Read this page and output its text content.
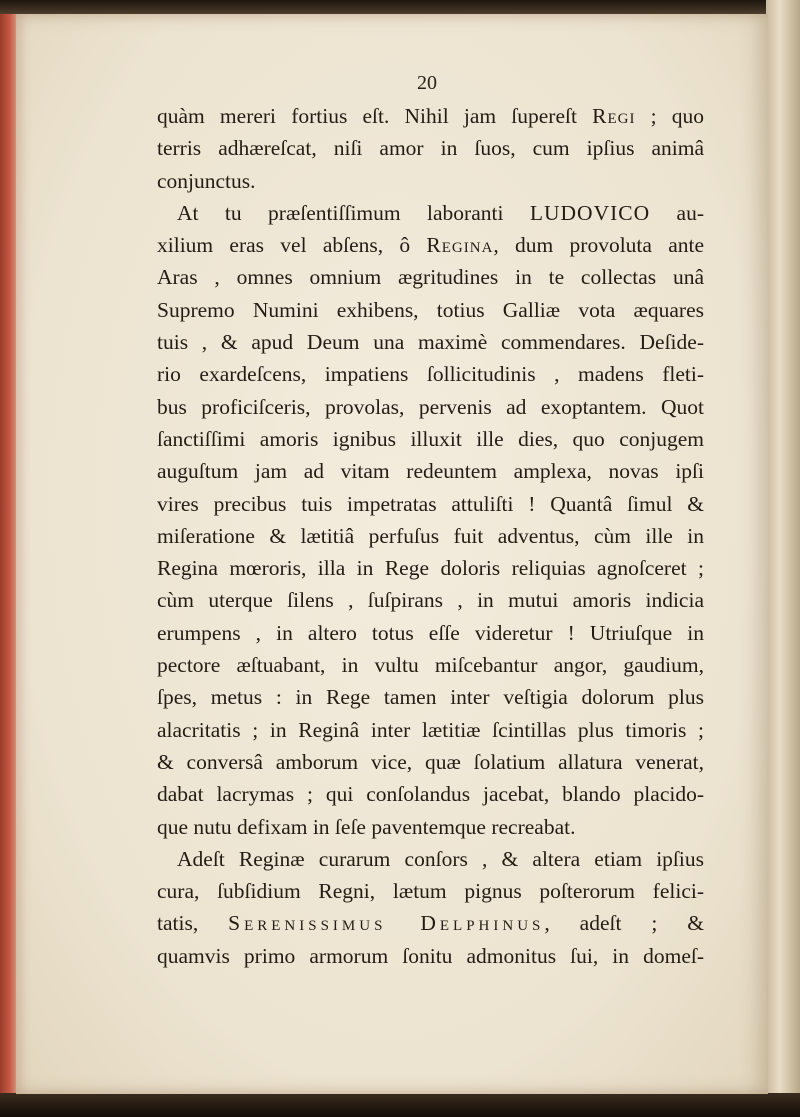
20
quàm mereri fortius eſt. Nihil jam ſupereſt Regi ; quo
terris adhæreſcat, niſi amor in ſuos, cum ipſius animâ
conjunctus.
At tu præſentiſſimum laboranti LUDOVICO au-
xilium eras vel abſens, ô Regina, dum provoluta ante
Aras , omnes omnium ægritudines in te collectas unâ
Supremo Numini exhibens, totius Galliæ vota æquares
tuis , & apud Deum una maximè commendares. Deſide-
rio exardeſcens, impatiens ſollicitudinis , madens fleti-
bus proficiſceris, provolas, pervenis ad exoptantem. Quot
ſanctiſſimi amoris ignibus illuxit ille dies, quo conjugem
auguſtum jam ad vitam redeuntem amplexa, novas ipſi
vires precibus tuis impetratas attuliſti ! Quantâ ſimul &
miſeratione & lætitiâ perfuſus fuit adventus, cùm ille in
Regina mœroris, illa in Rege doloris reliquias agnoſceret ;
cùm uterque ſilens , ſuſpirans , in mutui amoris indicia
erumpens , in altero totus eſſe videretur ! Utriuſque in
pectore æſtuabant, in vultu miſcebantur angor, gaudium,
ſpes, metus : in Rege tamen inter veſtigia dolorum plus
alacritatis ; in Reginâ inter lætitiæ ſcintillas plus timoris ;
& conversâ amborum vice, quæ ſolatium allatura venerat,
dabat lacrymas ; qui conſolandus jacebat, blando placido-
que nutu defixam in ſeſe paventemque recreabat.
Adeſt Reginæ curarum conſors , & altera etiam ipſius
cura, ſubſidium Regni, lætum pignus poſterorum felici-
tatis, Serenissimus Delphinus, adeſt ; &
quamvis primo armorum ſonitu admonitus ſui, in domeſ-
